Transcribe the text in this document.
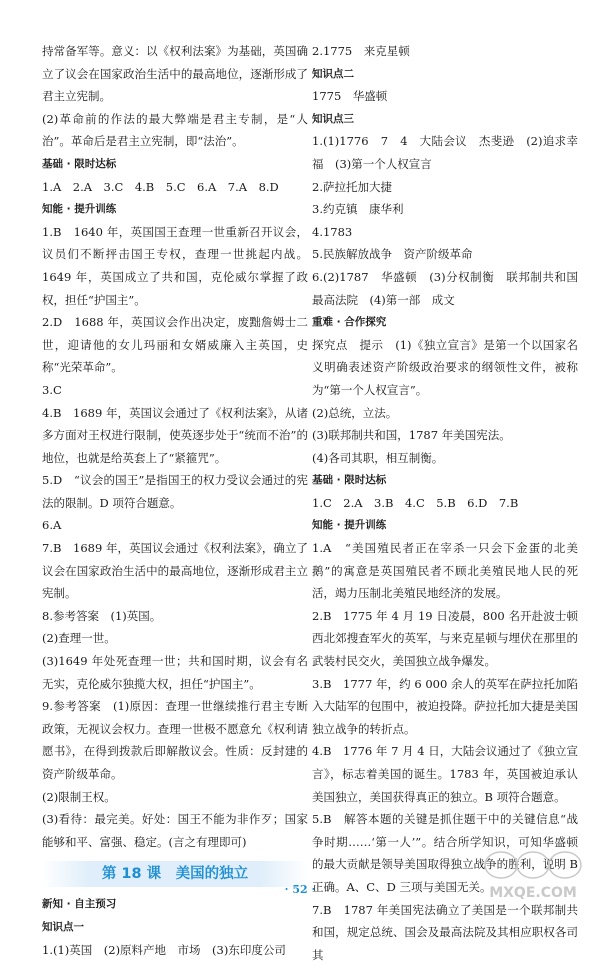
持常备军等。意义：以《权利法案》为基础，英国确立了议会在国家政治生活中的最高地位，逐渐形成了君主立宪制。

(2)革命前的作法的最大弊端是君主专制，是“人治”。革命后是君主立宪制，即“法治”。

基础 · 限时达标

1.A　2.A　3.C　4.B　5.C　6.A　7.A　8.D

知能 · 提升训练

1.B　1640 年，英国国王查理一世重新召开议会，议员们不断抨击国王专权，查理一世挑起内战。1649 年，英国成立了共和国，克伦威尔掌握了政权，担任“护国主”。

2.D　1688 年，英国议会作出决定，废黜詹姆士二世，迎请他的女儿玛丽和女婿威廉入主英国，史称“光荣革命”。

3.C

4.B　1689 年，英国议会通过了《权利法案》，从诸多方面对王权进行限制，使英逐步处于“统而不治”的地位，也就是给英套上了“紧箍咒”。

5.D　“议会的国王”是指国王的权力受议会通过的宪法的限制。D 项符合题意。

6.A

7.B　1689 年，英国议会通过《权利法案》，确立了议会在国家政治生活中的最高地位，逐渐形成君主立宪制。

8.参考答案　(1)英国。

(2)查理一世。

(3)1649 年处死查理一世；共和国时期，议会有名无实，克伦威尔独揽大权，担任“护国主”。

9.参考答案　(1)原因：查理一世继续推行君主专断政策，无视议会权力。查理一世极不愿意允《权利请愿书》，在得到拨款后即解散议会。性质：反封建的资产阶级革命。

(2)限制王权。

(3)看待：最完美。好处：国王不能为非作歹；国家能够和平、富强、稳定。(言之有理即可)

第 18 课　美国的独立

新知 · 自主预习

知识点一

1.(1)英国　(2)原料产地　市场　(3)东印度公司

2.1775　来克星顿

知识点二

1775　华盛顿

知识点三

1.(1)1776　7　4　大陆会议　杰斐逊　(2)追求幸福　(3)第一个人权宣言

2.萨拉托加大捷

3.约克镇　康华利

4.1783

5.民族解放战争　资产阶级革命

6.(2)1787　华盛顿　(3)分权制衡　联邦制共和国　最高法院　(4)第一部　成文

重难 · 合作探究

探究点　提示　(1)《独立宣言》是第一个以国家名义明确表述资产阶级政治要求的纲领性文件，被称为“第一个人权宣言”。

(2)总统，立法。

(3)联邦制共和国，1787 年美国宪法。

(4)各司其职，相互制衡。

基础 · 限时达标

1.C　2.A　3.B　4.C　5.B　6.D　7.B

知能 · 提升训练

1.A　“美国殖民者正在宰杀一只会下金蛋的北美鹅”的寓意是英国殖民者不顾北美殖民地人民的死活，竭力压制北美殖民地经济的发展。

2.B　1775 年 4 月 19 日凌晨，800 名开赴波士顿西北郊搜查军火的英军，与来克星顿与埋伏在那里的武装村民交火，美国独立战争爆发。

3.B　1777 年，约 6 000 余人的英军在萨拉托加陷入大陆军的包围中，被迫投降。萨拉托加大捷是美国独立战争的转折点。

4.B　1776 年 7 月 4 日，大陆会议通过了《独立宣言》，标志着美国的诞生。1783 年，英国被迫承认美国独立，美国获得真正的独立。B 项符合题意。

5.B　解答本题的关键是抓住题干中的关键信息“战争时期……‘第一人’”。结合所学知识，可知华盛顿的最大贡献是领导美国取得独立战争的胜利，说明 B 正确。A、C、D 三项与美国无关。

7.B　1787 年美国宪法确立了美国是一个联邦制共和国，规定总统、国会及最高法院及其相应职权各司其

· 52 ·	MXQE.COM
